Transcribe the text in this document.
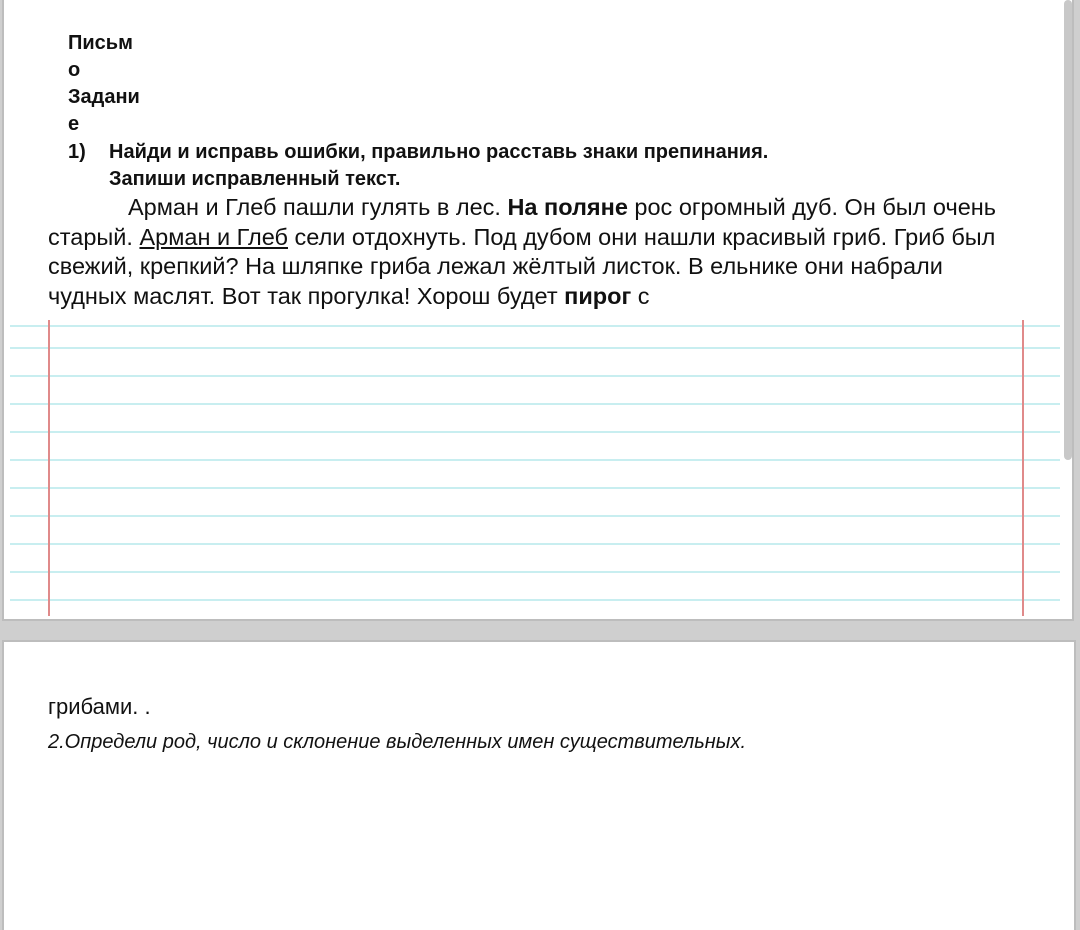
Письм
о
Задани
е
1) Найди и исправь ошибки, правильно расставь знаки препинания.
Запиши исправленный текст.
Арман и Глеб пашли гулять в лес. На поляне рос огромный дуб. Он был очень старый. Арман и Глеб сели отдохнуть. Под дубом они нашли красивый гриб. Гриб был свежий, крепкий? На шляпке гриба лежал жёлтый листок. В ельнике они набрали чудных маслят. Вот так прогулка! Хорош будет пирог с
грибами. .
2.Определи род, число и склонение выделенных имен существительных.
